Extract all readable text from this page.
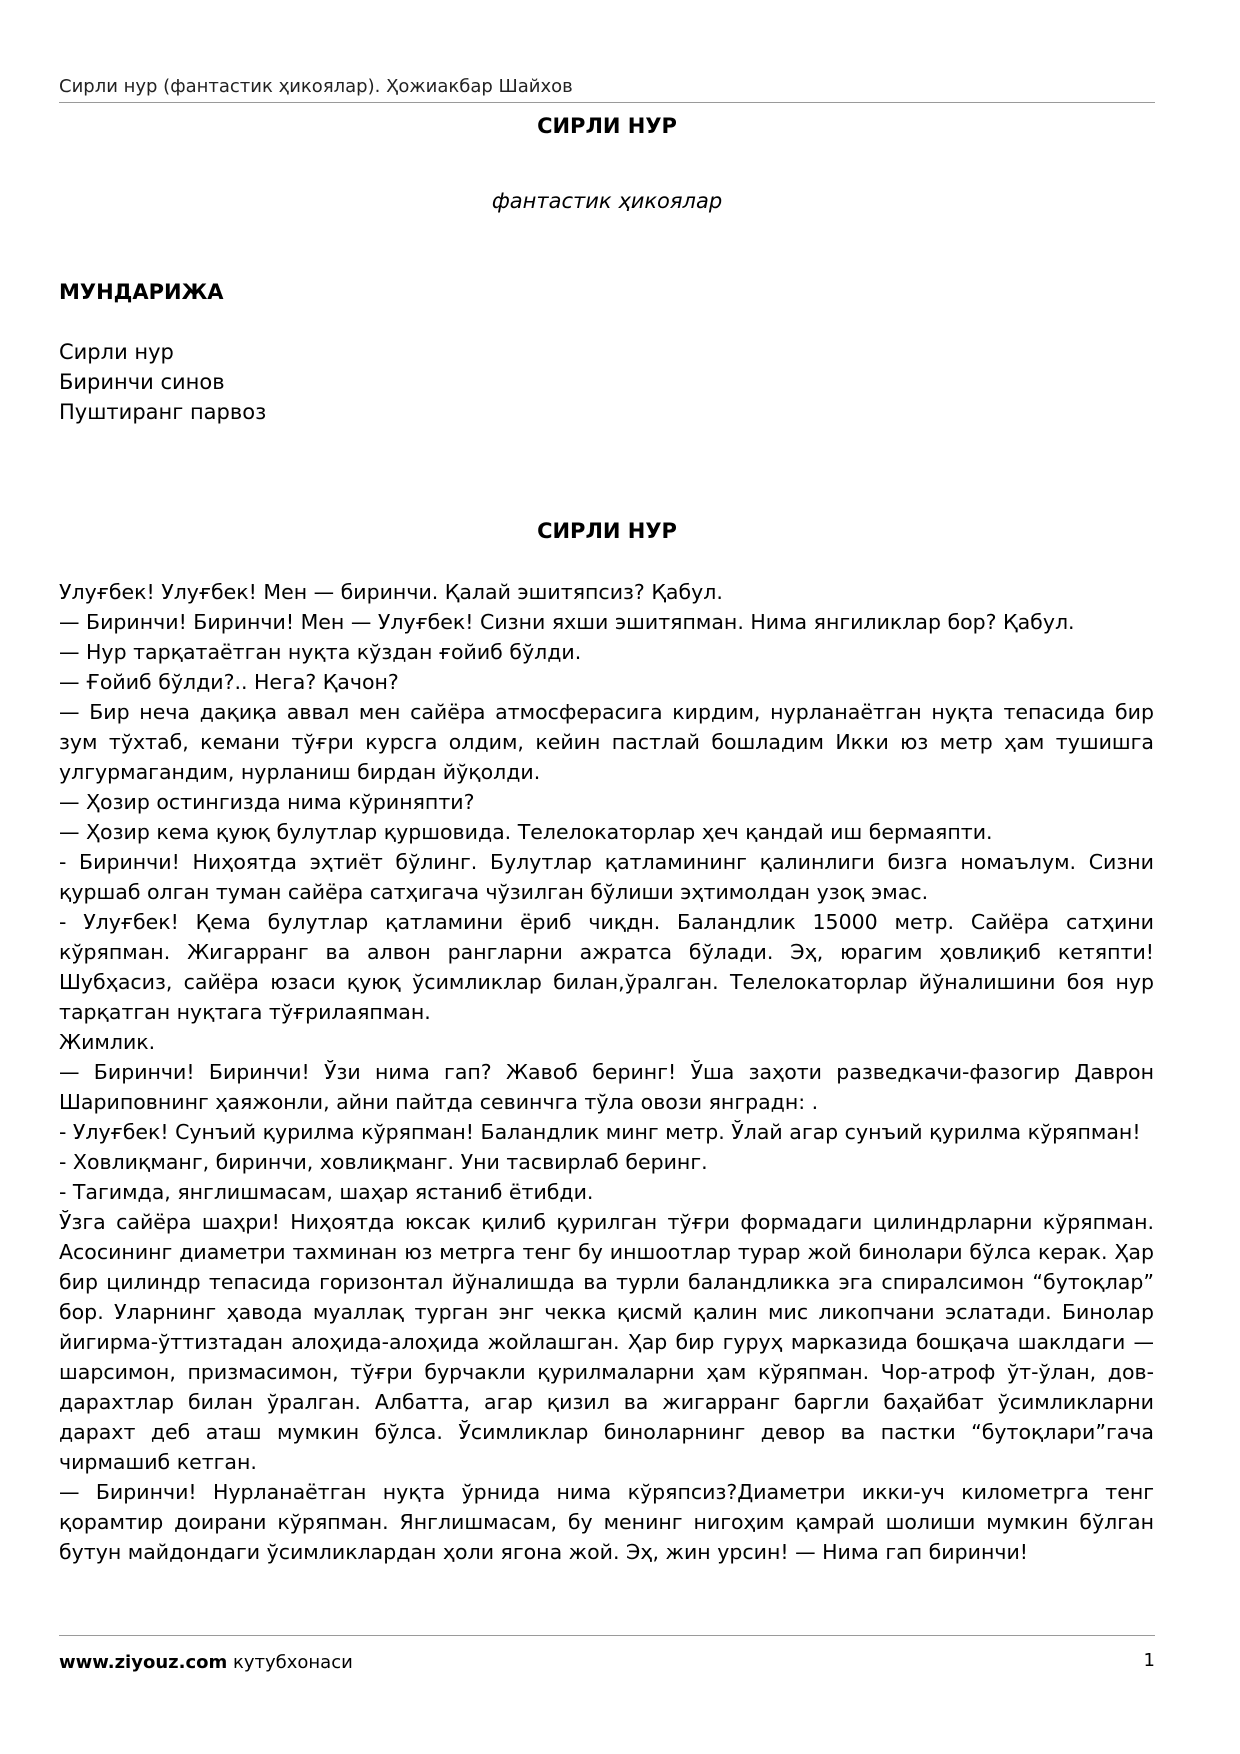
Сирли нур (фантастик ҳикоялар). Ҳожиакбар Шайхов
СИРЛИ НУР
фантастик ҳикоялар
МУНДАРИЖА
Сирли нур
Биринчи синов
Пуштиранг парвоз
СИРЛИ НУР

Улуғбек! Улуғбек! Мен — биринчи. Қалай эшитяпсиз? Қабул.

— Биринчи! Биринчи! Мен — Улуғбек! Сизни яхши эшитяпман. Нима янгиликлар бор? Қабул.

— Нур тарқатаётган нуқта кўздан ғойиб бўлди.

— Ғойиб бўлди?.. Нега? Қачон?

— Бир неча дақиқа аввал мен сайёра атмосферасига кирдим, нурланаётган нуқта тепасида бир зум тўхтаб, кемани тўғри курсга олдим, кейин пастлай бошладим Икки юз метр ҳам тушишга улгурмагандим, нурланиш бирдан йўқолди.

— Ҳозир остингизда нима кўриняпти?

— Ҳозир кема қуюқ булутлар қуршовида. Телелокаторлар ҳеч қандай иш бермаяпти.

- Биринчи! Ниҳоятда эҳтиёт бўлинг. Булутлар қатламининг қалинлиги бизга номаълум. Сизни қуршаб олган туман сайёра сатҳигача чўзилган бўлиши эҳтимолдан узоқ эмас.

- Улуғбек! Қема булутлар қатламини ёриб чиқдн. Баландлик 15000 метр. Сайёра сатҳини кўряпман. Жигарранг ва алвон рангларни ажратса бўлади. Эҳ, юрагим ҳовлиқиб кетяпти! Шубҳасиз, сайёра юзаси қуюқ ўсимликлар билан,ўралган. Телелокаторлар йўналишини боя нур тарқатган нуқтага тўғрилаяпман.

Жимлик.

— Биринчи! Биринчи! Ўзи нима гап? Жавоб беринг! Ўша заҳоти разведкачи-фазогир Даврон Шариповнинг ҳаяжонли, айни пайтда севинчга тўла овози янградн: .

- Улуғбек! Сунъий қурилма кўряпман! Баландлик минг метр. Ўлай агар сунъий қурилма кўряпман!

- Ховлиқманг, биринчи, ховлиқманг. Уни тасвирлаб беринг.

- Тагимда, янглишмасам, шаҳар ястаниб ётибди.

Ўзга сайёра шаҳри! Ниҳоятда юксак қилиб қурилган тўғри формадаги цилиндрларни кўряпман. Асосининг диаметри тахминан юз метрга тенг бу иншоотлар турар жой бинолари бўлса керак. Ҳар бир цилиндр тепасида горизонтал йўналишда ва турли баландликка эга спиралсимон “бутоқлар” бор. Уларнинг ҳавода муаллақ турган энг чекка қисмй қалин мис ликопчани эслатади. Бинолар йигирма-ўттизтадан алоҳида-алоҳида жойлашган. Ҳар бир гуруҳ марказида бошқача шаклдаги — шарсимон, призмасимон, тўғри бурчакли қурилмаларни ҳам кўряпман. Чор-атроф ўт-ўлан, дов-дарахтлар билан ўралган. Албатта, агар қизил ва жигарранг баргли баҳайбат ўсимликларни дарахт деб аташ мумкин бўлса. Ўсимликлар биноларнинг девор ва пастки “бутоқлари”гача чирмашиб кетган.

— Биринчи! Нурланаётган нуқта ўрнида нима кўряпсиз?Диаметри икки-уч километрга тенг қорамтир доирани кўряпман. Янглишмасам, бу менинг нигоҳим қамрай шолиши мумкин бўлган бутун майдондаги ўсимликлардан ҳоли ягона жой. Эҳ, жин урсин! — Нима гап биринчи!

www.ziyouz.com кутубхонаси	1
